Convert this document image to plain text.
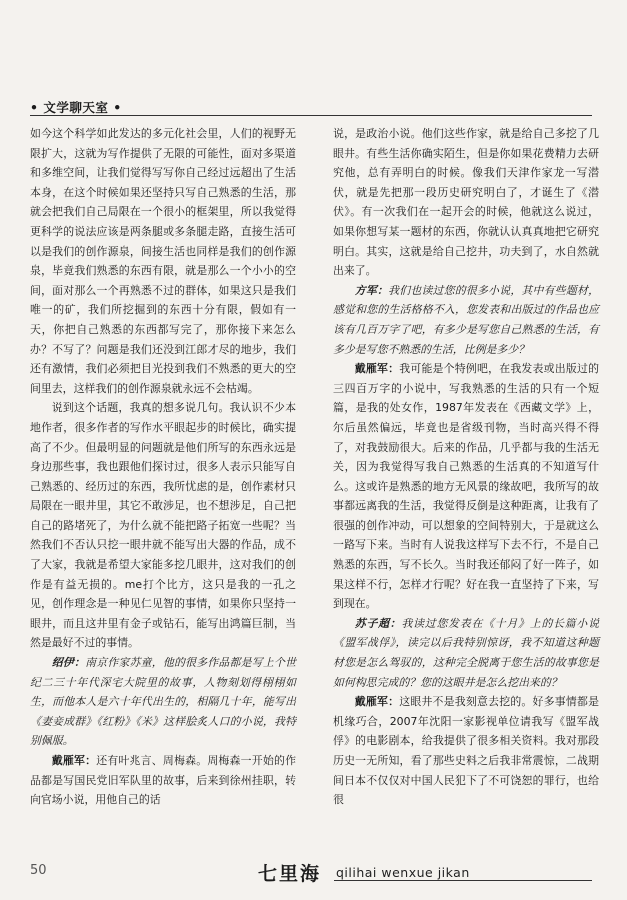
• 文学聊天室 •

如今这个科学如此发达的多元化社会里，人们的视野无限扩大，这就为写作提供了无限的可能性，面对多渠道和多维空间，让我们觉得写写你自己经过远超出了生活本身，在这个时候如果还坚持只写自己熟悉的生活，那就会把我们自己局限在一个很小的框架里，所以我觉得更科学的说法应该是两条腿或多条腿走路，直接生活可以是我们的创作源泉，间接生活也同样是我们的创作源泉，毕竟我们熟悉的东西有限，就是那么一个小小的空间，面对那么一个再熟悉不过的群体，如果这只是我们唯一的矿，我们所挖掘到的东西十分有限，假如有一天，你把自己熟悉的东西都写完了，那你接下来怎么办？不写了？问题是我们还没到江郎才尽的地步，我们还有激情，我们必须把目光投到我们不熟悉的更大的空间里去，这样我们的创作源泉就永远不会枯竭。

说到这个话题，我真的想多说几句。我认识不少本地作者，很多作者的写作水平眼起步的时候比，确实提高了不少。但最明显的问题就是他们所写的东西永远是身边那些事，我也跟他们探讨过，很多人表示只能写自己熟悉的、经历过的东西，我所忧虑的是，创作素材只局限在一眼井里，其它不敢涉足，也不想涉足，自己把自己的路堵死了，为什么就不能把路子拓宽一些呢？当然我们不否认只挖一眼井就不能写出大器的作品，成不了大家，我就是希望大家能多挖几眼井，这对我们的创作是有益无损的。me打个比方，这只是我的一孔之见，创作理念是一种见仁见智的事情，如果你只坚持一眼井，而且这井里有金子或钻石，能写出鸿篇巨制，当然是最好不过的事情。

绍伊：南京作家苏童，他的很多作品都是写上个世纪二三十年代深宅大院里的故事，人物刻划得栩栩如生，而他本人是六十年代出生的，相隔几十年，能写出《妻妾成群》《红粉》《米》这样脍炙人口的小说，我特别佩服。

戴雁军：还有叶兆言、周梅森。周梅森一开始的作品都是写国民党旧军队里的故事，后来到徐州挂职，转向官场小说，用他自己的话

说，是政治小说。他们这些作家，就是给自己多挖了几眼井。有些生活你确实陌生，但是你如果花费精力去研究他，总有弄明白的时候。像我们天津作家龙一写潜伏，就是先把那一段历史研究明白了，才诞生了《潜伏》。有一次我们在一起开会的时候，他就这么说过，如果你想写某一题材的东西，你就认认真真地把它研究明白。其实，这就是给自己挖井，功夫到了，水自然就出来了。

方军：我们也读过您的很多小说，其中有些题材，感觉和您的生活格格不入，您发表和出版过的作品也应该有几百万字了吧，有多少是写您自己熟悉的生活，有多少是写您不熟悉的生活，比例是多少？

戴雁军：我可能是个特例吧，在我发表或出版过的三四百万字的小说中，写我熟悉的生活的只有一个短篇，是我的处女作，1987年发表在《西藏文学》上，尔后虽然偏远，毕竟也是省级刊物，当时高兴得不得了，对我鼓励很大。后来的作品，几乎都与我的生活无关，因为我觉得写我自己熟悉的生活真的不知道写什么。这或许是熟悉的地方无风景的缘故吧，我所写的故事都远离我的生活，我觉得反倒是这种距离，让我有了很强的创作冲动，可以想象的空间特别大，于是就这么一路写下来。当时有人说我这样写下去不行，不是自己熟悉的东西，写不长久。当时我还郁闷了好一阵子，如果这样不行，怎样才行呢？好在我一直坚持了下来，写到现在。

苏子超：我读过您发表在《十月》上的长篇小说《盟军战俘》，读完以后我特别惊讶，我不知道这种题材您是怎么驾驭的，这种完全脱离于您生活的故事您是如何构思完成的？您的这眼井是怎么挖出来的？

戴雁军：这眼井不是我刻意去挖的。好多事情都是机缘巧合，2007年沈阳一家影视单位请我写《盟军战俘》的电影剧本，给我提供了很多相关资料。我对那段历史一无所知，看了那些史料之后我非常震惊，二战期间日本不仅仅对中国人民犯下了不可饶恕的罪行，也给很

50	七里海 qilihai wenxue jikan
